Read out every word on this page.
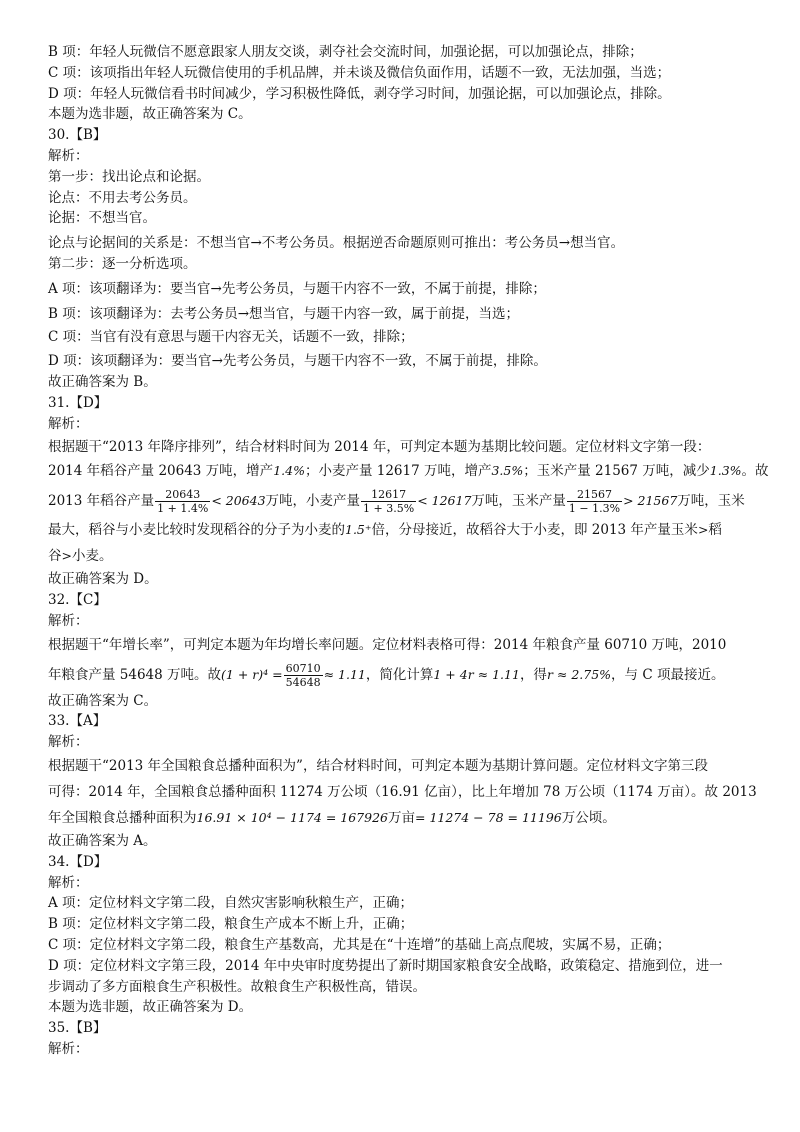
B 项：年轻人玩微信不愿意跟家人朋友交谈，剥夺社会交流时间，加强论据，可以加强论点，排除；
C 项：该项指出年轻人玩微信使用的手机品牌，并未谈及微信负面作用，话题不一致，无法加强，当选；
D 项：年轻人玩微信看书时间减少，学习积极性降低，剥夺学习时间，加强论据，可以加强论点，排除。
本题为选非题，故正确答案为 C。
30.【B】
解析：
第一步：找出论点和论据。
论点：不用去考公务员。
论据：不想当官。
论点与论据间的关系是：不想当官→不考公务员。根据逆否命题原则可推出：考公务员→想当官。
第二步：逐一分析选项。
A 项：该项翻译为：要当官→先考公务员，与题干内容不一致，不属于前提，排除；
B 项：该项翻译为：去考公务员→想当官，与题干内容一致，属于前提，当选；
C 项：当官有没有意思与题干内容无关，话题不一致，排除；
D 项：该项翻译为：要当官→先考公务员，与题干内容不一致，不属于前提，排除。
故正确答案为 B。
31.【D】
解析：
根据题干“2013 年降序排列”，结合材料时间为 2014 年，可判定本题为基期比较问题。定位材料文字第一段：
2014 年稻谷产量 20643 万吨，增产1.4%；小麦产量 12617 万吨，增产3.5%；玉米产量 21567 万吨，减少1.3%。故
2013 年稻谷产量 $\frac{20643}{1 + 1.4\%} < 20643$万吨，小麦产量 $\frac{12617}{1 + 3.5\%} < 12617$万吨，玉米产量 $\frac{21567}{1 - 1.3\%} > 21567$万吨，玉米
最大，稻谷与小麦比较时发现稻谷的分子为小麦的1.5⁺倍，分母接近，故稻谷大于小麦，即 2013 年产量玉米>稻
谷>小麦。
故正确答案为 D。
32.【C】
解析：
根据题干“年增长率”，可判定本题为年均增长率问题。定位材料表格可得：2014 年粮食产量 60710 万吨，2010
年粮食产量 54648 万吨。故$(1 + r)^4 = \frac{60710}{54648} \approx 1.11$，简化计算1 + 4r ≈ 1.11，得r ≈ 2.75%，与 C 项最接近。
故正确答案为 C。
33.【A】
解析：
根据题干“2013 年全国粮食总播种面积为”，结合材料时间，可判定本题为基期计算问题。定位材料文字第三段
可得：2014 年，全国粮食总播种面积 11274 万公顷（16.91 亿亩），比上年增加 78 万公顷（1174 万亩）。故 2013
年全国粮食总播种面积为16.91 × 10⁴ − 1174 = 167926万亩= 11274 − 78 = 11196万公顷。
故正确答案为 A。
34.【D】
解析：
A 项：定位材料文字第二段，自然灾害影响秋粮生产，正确；
B 项：定位材料文字第二段，粮食生产成本不断上升，正确；
C 项：定位材料文字第二段，粮食生产基数高，尤其是在“十连增”的基础上高点爬坡，实属不易，正确；
D 项：定位材料文字第三段，2014 年中央审时度势提出了新时期国家粮食安全战略，政策稳定、措施到位，进一
步调动了多方面粮食生产积极性。故粮食生产积极性高，错误。
本题为选非题，故正确答案为 D。
35.【B】
解析：
